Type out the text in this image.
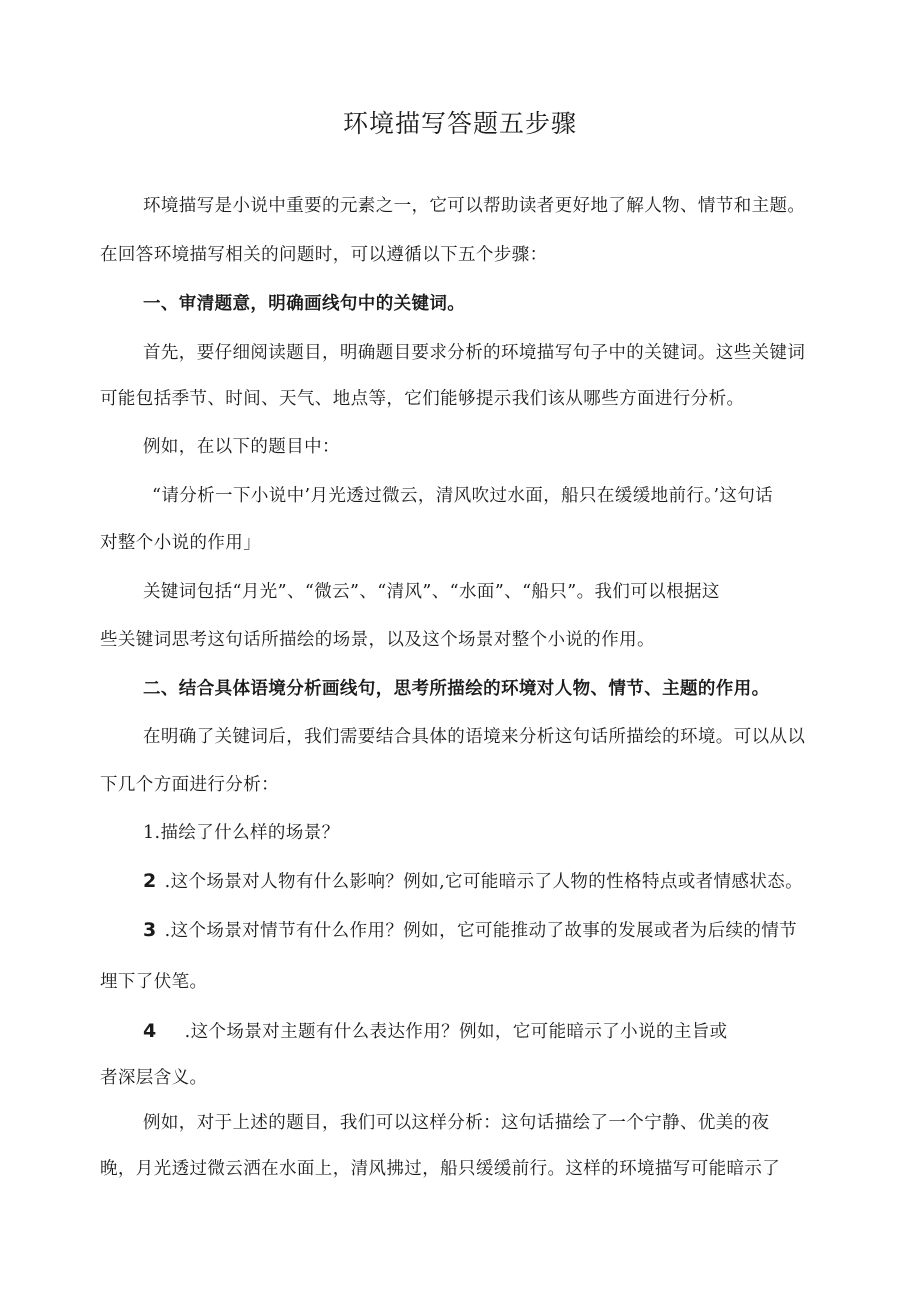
环境描写答题五步骤

环境描写是小说中重要的元素之一，它可以帮助读者更好地了解人物、情节和主题。

在回答环境描写相关的问题时，可以遵循以下五个步骤：

一、审清题意，明确画线句中的关键词。

首先，要仔细阅读题目，明确题目要求分析的环境描写句子中的关键词。这些关键词

可能包括季节、时间、天气、地点等，它们能够提示我们该从哪些方面进行分析。

例如，在以下的题目中：

“请分析一下小说中’月光透过微云，清风吹过水面，船只在缓缓地前行。’这句话

对整个小说的作用」

关键词包括“月光”、“微云”、“清风”、“水面”、“船只”。我们可以根据这

些关键词思考这句话所描绘的场景，以及这个场景对整个小说的作用。

二、结合具体语境分析画线句，思考所描绘的环境对人物、情节、主题的作用。

在明确了关键词后，我们需要结合具体的语境来分析这句话所描绘的环境。可以从以

下几个方面进行分析：

1.描绘了什么样的场景？

2 .这个场景对人物有什么影响？例如,它可能暗示了人物的性格特点或者情感状态。

3 .这个场景对情节有什么作用？例如，它可能推动了故事的发展或者为后续的情节

埋下了伏笔。

4 .这个场景对主题有什么表达作用？例如，它可能暗示了小说的主旨或

者深层含义。

例如，对于上述的题目，我们可以这样分析：这句话描绘了一个宁静、优美的夜

晚，月光透过微云洒在水面上，清风拂过，船只缓缓前行。这样的环境描写可能暗示了
